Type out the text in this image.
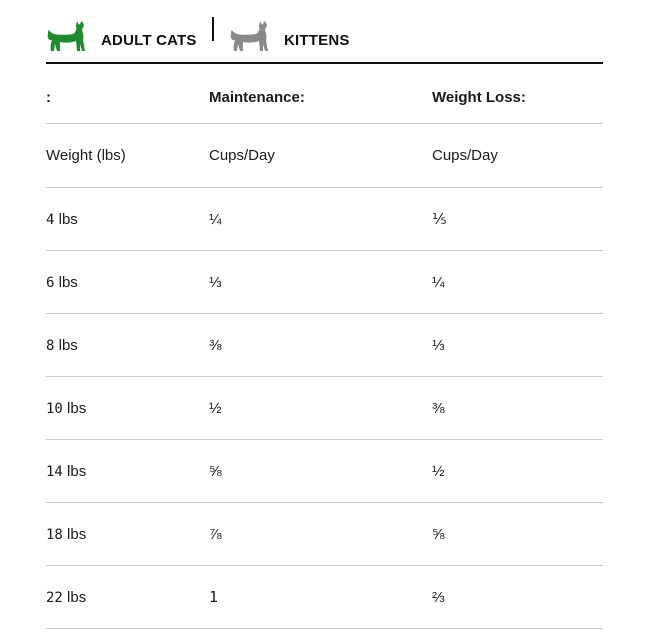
ADULT CATS	KITTENS
:	Maintenance:	Weight Loss:
Weight (lbs)	Cups/Day	Cups/Day
4 lbs	¼	⅕
6 lbs	⅓	¼
8 lbs	⅜	⅓
10 lbs	½	⅜
14 lbs	⅝	½
18 lbs	⅞	⅝
22 lbs	1	⅔
